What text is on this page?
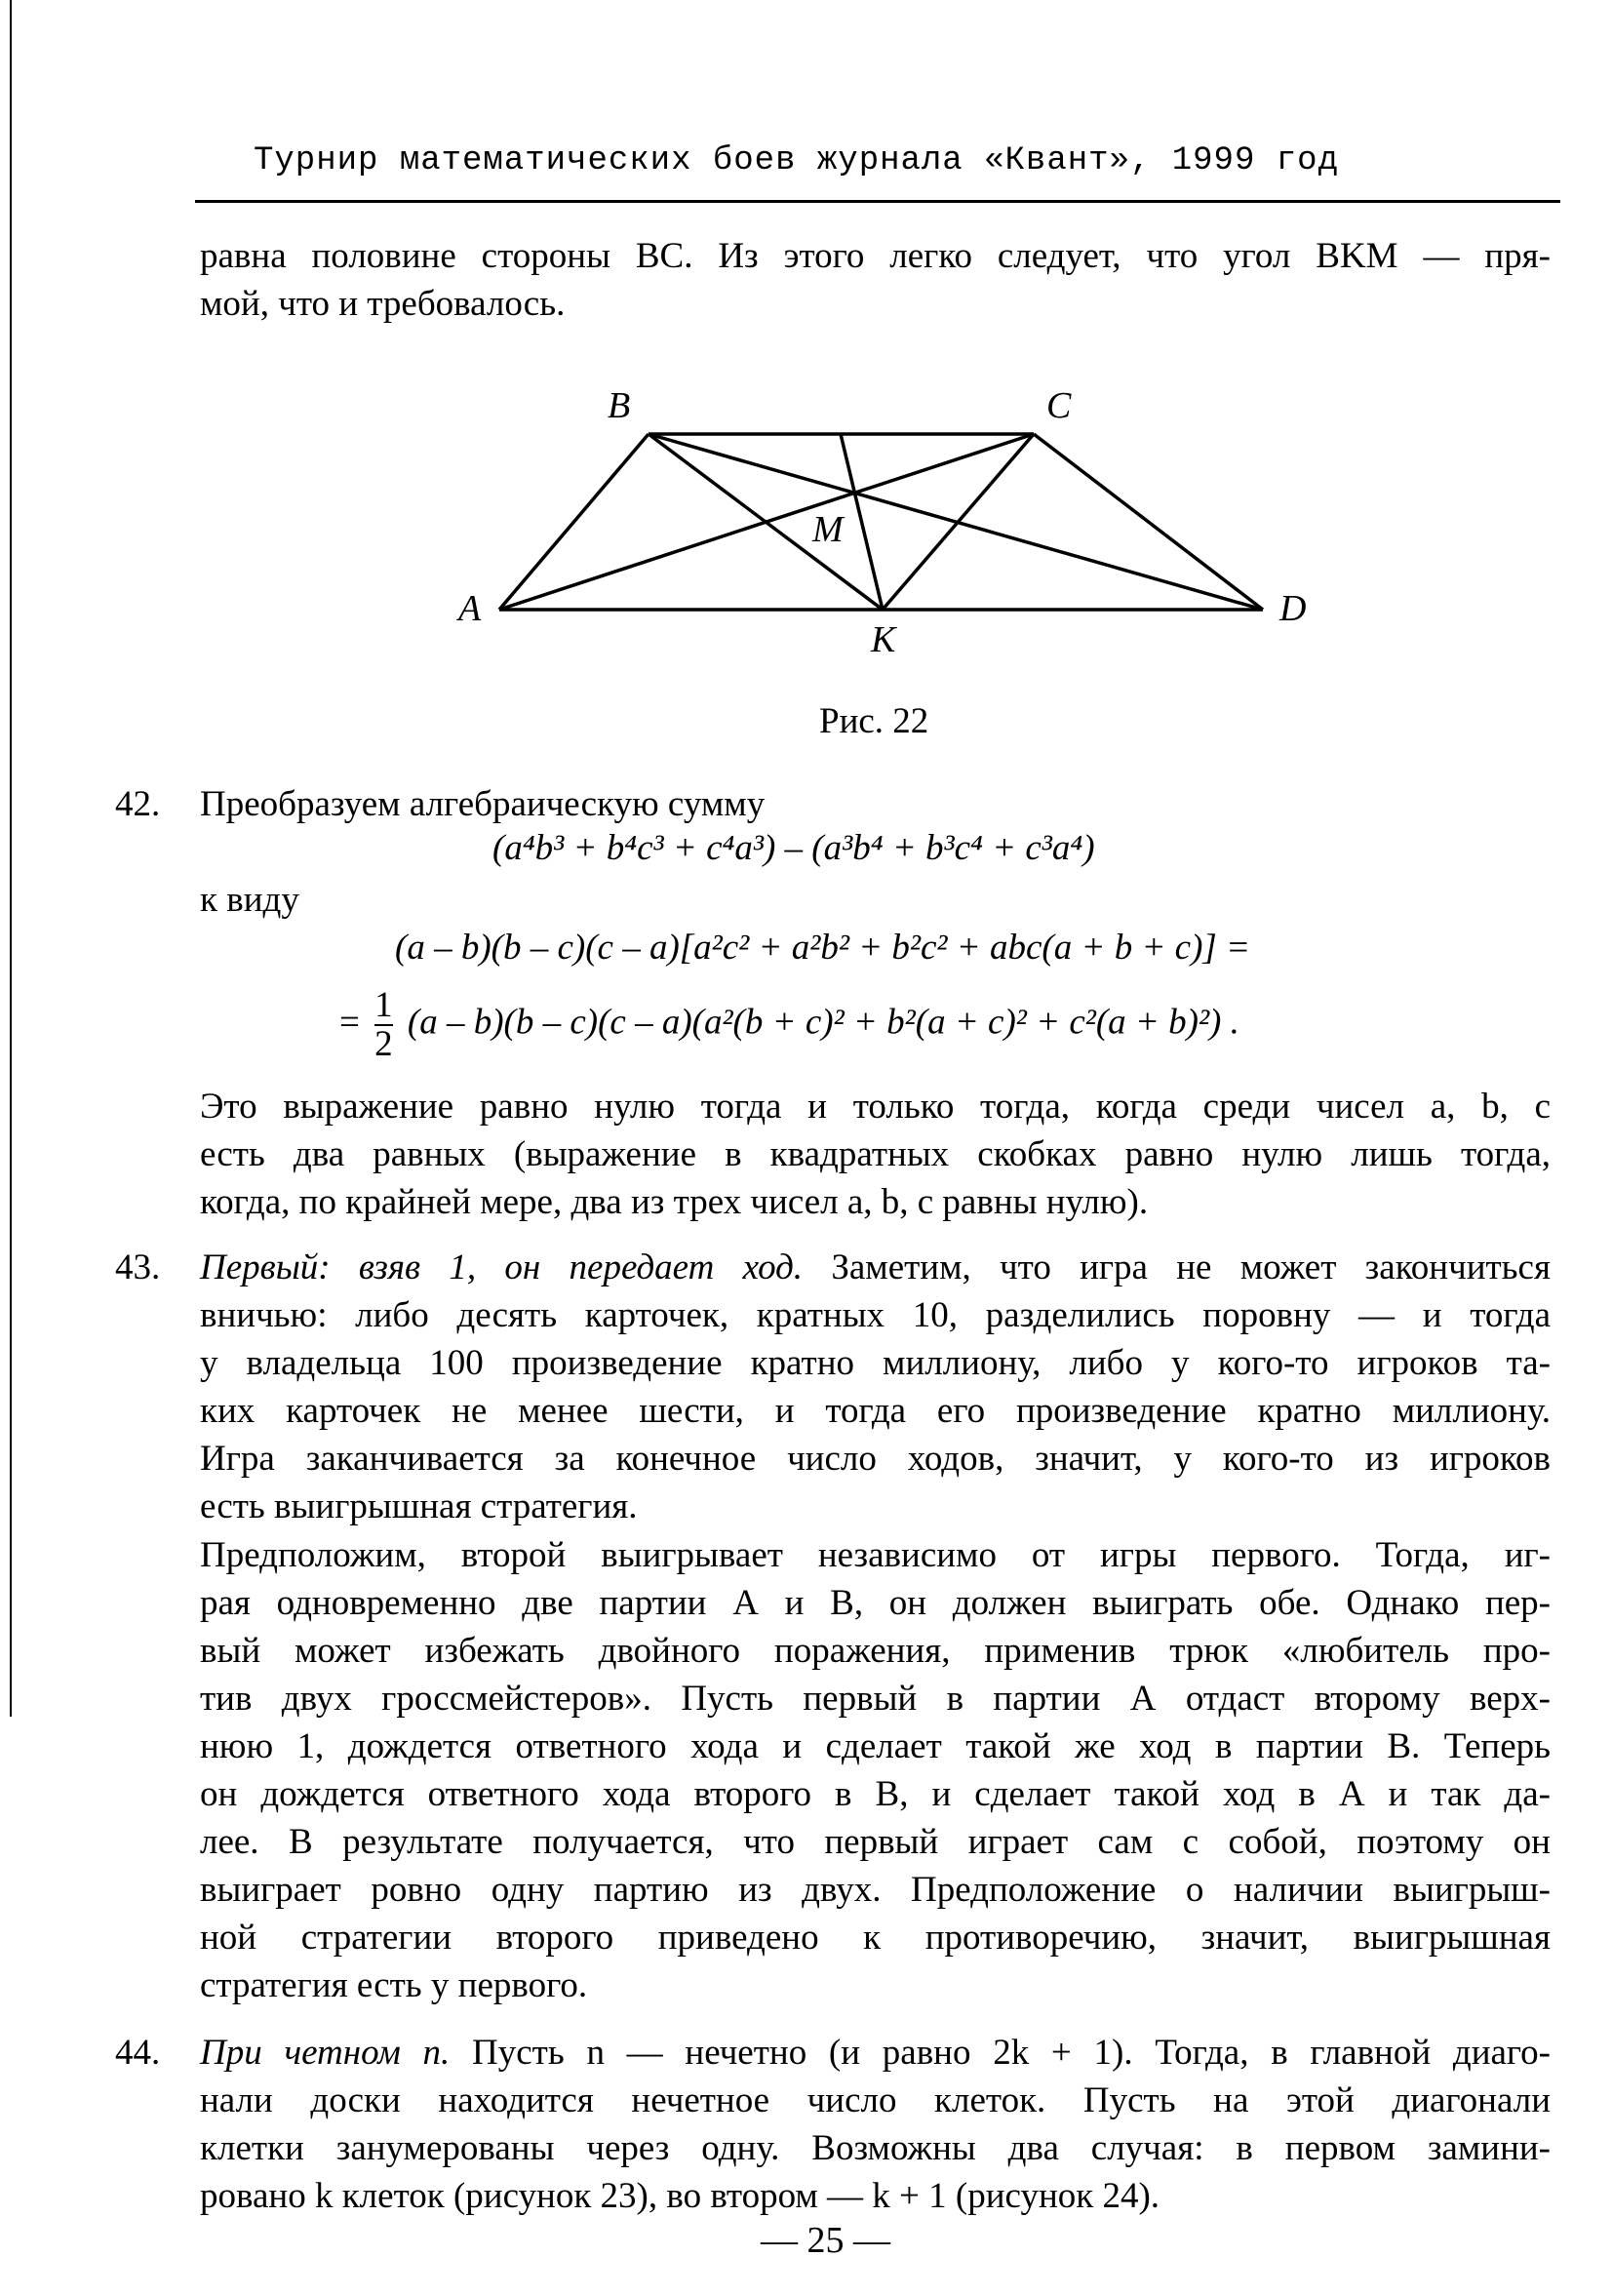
Турнир математических боев журнала «Квант», 1999 год
равна половине стороны BC. Из этого легко следует, что угол BKM — пря-
мой, что и требовалось.
B	C
A	D
M
K
Рис. 22
42. Преобразуем алгебраическую сумму
(a⁴b³ + b⁴c³ + c⁴a³) – (a³b⁴ + b³c⁴ + c³a⁴)
к виду
(a – b)(b – c)(c – a)[a²c² + a²b² + b²c² + abc(a + b + c)] =
= $\frac{1}{2} (a - b)(b - c)(c - a)(a^2(b + c)^2 + b^2(a + c)^2 + c^2(a + b)^2)$ .
Это выражение равно нулю тогда и только тогда, когда среди чисел a, b, c
есть два равных (выражение в квадратных скобках равно нулю лишь тогда,
когда, по крайней мере, два из трех чисел a, b, c равны нулю).
43. Первый: взяв 1, он передает ход. Заметим, что игра не может закончиться
вничью: либо десять карточек, кратных 10, разделились поровну — и тогда
у владельца 100 произведение кратно миллиону, либо у кого-то игроков та-
ких карточек не менее шести, и тогда его произведение кратно миллиону.
Игра заканчивается за конечное число ходов, значит, у кого-то из игроков
есть выигрышная стратегия.
Предположим, второй выигрывает независимо от игры первого. Тогда, иг-
рая одновременно две партии А и В, он должен выиграть обе. Однако пер-
вый может избежать двойного поражения, применив трюк «любитель про-
тив двух гроссмейстеров». Пусть первый в партии А отдаст второму верх-
нюю 1, дождется ответного хода и сделает такой же ход в партии В. Теперь
он дождется ответного хода второго в В, и сделает такой ход в А и так да-
лее. В результате получается, что первый играет сам с собой, поэтому он
выиграет ровно одну партию из двух. Предположение о наличии выигрыш-
ной стратегии второго приведено к противоречию, значит, выигрышная
стратегия есть у первого.
44. При четном n. Пусть n — нечетно (и равно 2k + 1). Тогда, в главной диаго-
нали доски находится нечетное число клеток. Пусть на этой диагонали
клетки занумерованы через одну. Возможны два случая: в первом замини-
ровано k клеток (рисунок 23), во втором — k + 1 (рисунок 24).
— 25 —
